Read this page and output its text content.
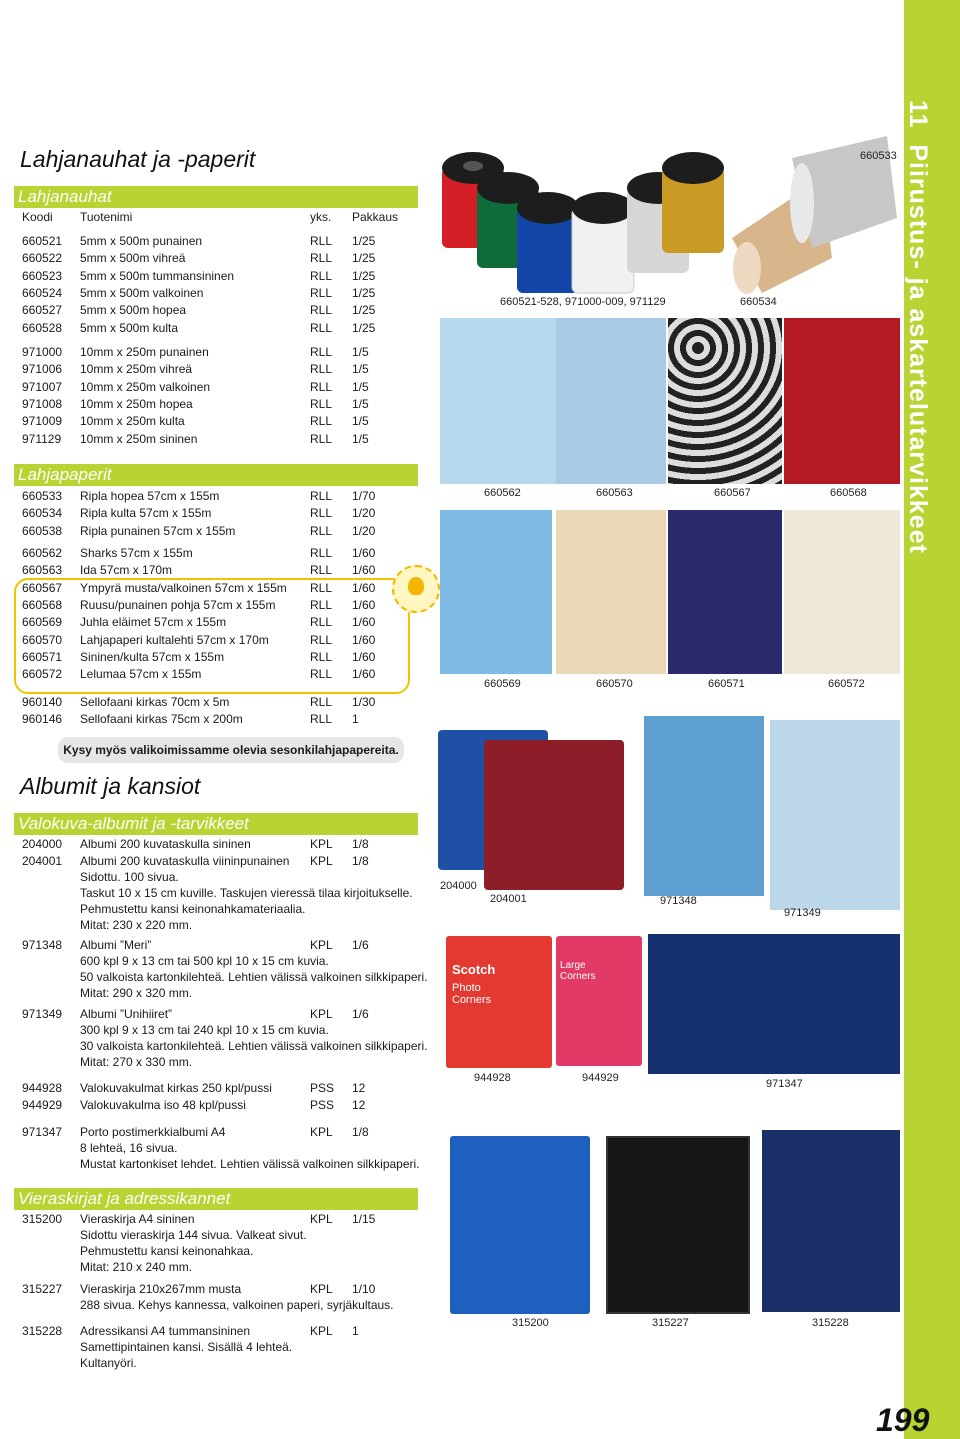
11  Piirustus- ja askartelutarvikkeet
199
Lahjanauhat ja -paperit
Lahjanauhat
Koodi Tuotenimi	yks. Pakkaus
Lahjapaperit
Kysy myös valikoimissamme olevia sesonkilahjapapereita.
Albumit ja kansiot
Valokuva-albumit ja -tarvikkeet
204000 Albumi 200 kuvataskulla sininen	KPL 1/8
204001 Albumi 200 kuvataskulla viininpunainen KPL 1/8
971348 Albumi ”Meri”	KPL 1/6
971349 Albumi ”Unihiiret”	KPL 1/6
944928 Valokuvakulmat kirkas 250 kpl/pussi	PSS 12
944929 Valokuvakulma iso 48 kpl/pussi	PSS 12
971347 Porto postimerkkialbumi A4	KPL 1/8
Vieraskirjat ja adressikannet
315200 Vieraskirja A4 sininen	KPL 1/15
315227 Vieraskirja 210x267mm musta	KPL 1/10
315228 Adressikansi A4 tummansininen	KPL 1
660521-528, 971000-009, 971129	660534
660533
660562	660563	660567	660568
660569	660570	660571	660572
204000
204001	971348
971349
Scotch
Photo Corners
Large Corners
944928	944929	971347
315200	315227	315228
660521 5mm x 500m punainen	RLL 1/25
660522 5mm x 500m vihreä	RLL 1/25
660523 5mm x 500m tummansininen	RLL 1/25
660524 5mm x 500m valkoinen	RLL 1/25
660527 5mm x 500m hopea	RLL 1/25
660528 5mm x 500m kulta	RLL 1/25
971000 10mm x 250m punainen	RLL 1/5
971006 10mm x 250m vihreä	RLL 1/5
971007 10mm x 250m valkoinen	RLL 1/5
971008 10mm x 250m hopea	RLL 1/5
971009 10mm x 250m kulta	RLL 1/5
971129 10mm x 250m sininen	RLL 1/5
660533 Ripla hopea 57cm x 155m	RLL 1/70
660534 Ripla kulta 57cm x 155m	RLL 1/20
660538 Ripla punainen 57cm x 155m	RLL 1/20
660562 Sharks 57cm x 155m	RLL 1/60
660563 Ida 57cm x 170m	RLL 1/60
660567 Ympyrä musta/valkoinen 57cm x 155m RLL 1/60
660568 Ruusu/punainen pohja 57cm x 155m	RLL 1/60
660569 Juhla eläimet 57cm x 155m	RLL 1/60
660570 Lahjapaperi kultalehti 57cm x 170m	RLL 1/60
660571 Sininen/kulta 57cm x 155m	RLL 1/60
660572 Lelumaa 57cm x 155m	RLL 1/60
960140 Sellofaani kirkas 70cm x 5m	RLL 1/30
960146 Sellofaani kirkas 75cm x 200m	RLL 1
Sidottu. 100 sivua.
Taskut 10 x 15 cm kuville. Taskujen vieressä tilaa kirjoitukselle.
Pehmustettu kansi keinonahkamateriaalia.
Mitat: 230 x 220 mm.
600 kpl 9 x 13 cm tai 500 kpl 10 x 15 cm kuvia.
50 valkoista kartonkilehteä. Lehtien välissä valkoinen silkkipaperi.
Mitat: 290 x 320 mm.
300 kpl 9 x 13 cm tai 240 kpl 10 x 15 cm kuvia.
30 valkoista kartonkilehteä. Lehtien välissä valkoinen silkkipaperi.
Mitat: 270 x 330 mm.
8 lehteä, 16 sivua.
Mustat kartonkiset lehdet. Lehtien välissä valkoinen silkkipaperi.
Sidottu vieraskirja 144 sivua. Valkeat sivut.
Pehmustettu kansi keinonahkaa.
Mitat: 210 x 240 mm.
288 sivua. Kehys kannessa, valkoinen paperi, syrjäkultaus.
Samettipintainen kansi. Sisällä 4 lehteä.
Kultanyöri.
